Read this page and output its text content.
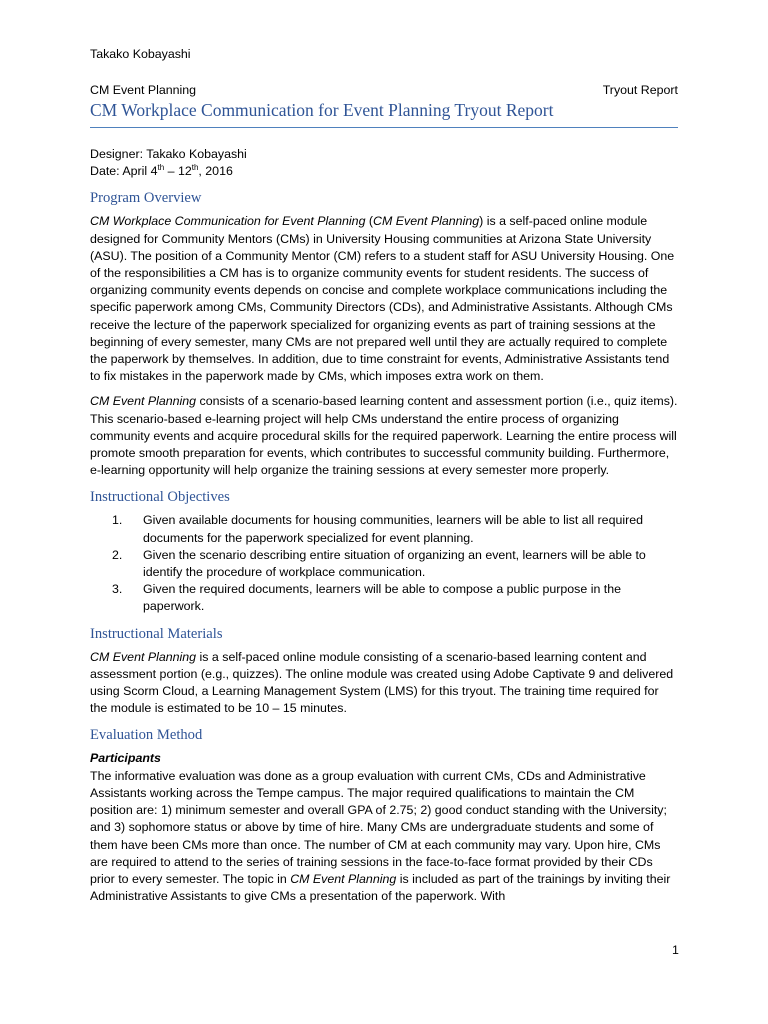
Takako Kobayashi
CM Event Planning	Tryout Report
CM Workplace Communication for Event Planning Tryout Report

Designer: Takako Kobayashi

Date: April 4th – 12th, 2016

Program Overview

CM Workplace Communication for Event Planning (CM Event Planning) is a self-paced online module designed for Community Mentors (CMs) in University Housing communities at Arizona State University (ASU). The position of a Community Mentor (CM) refers to a student staff for ASU University Housing. One of the responsibilities a CM has is to organize community events for student residents. The success of organizing community events depends on concise and complete workplace communications including the specific paperwork among CMs, Community Directors (CDs), and Administrative Assistants. Although CMs receive the lecture of the paperwork specialized for organizing events as part of training sessions at the beginning of every semester, many CMs are not prepared well until they are actually required to complete the paperwork by themselves. In addition, due to time constraint for events, Administrative Assistants tend to fix mistakes in the paperwork made by CMs, which imposes extra work on them.

CM Event Planning consists of a scenario-based learning content and assessment portion (i.e., quiz items). This scenario-based e-learning project will help CMs understand the entire process of organizing community events and acquire procedural skills for the required paperwork. Learning the entire process will promote smooth preparation for events, which contributes to successful community building. Furthermore, e-learning opportunity will help organize the training sessions at every semester more properly.

Instructional Objectives
1.	Given available documents for housing communities, learners will be able to list all required documents for the paperwork specialized for event planning.
2.	Given the scenario describing entire situation of organizing an event, learners will be able to identify the procedure of workplace communication.
3.	Given the required documents, learners will be able to compose a public purpose in the paperwork.
Instructional Materials

CM Event Planning is a self-paced online module consisting of a scenario-based learning content and assessment portion (e.g., quizzes). The online module was created using Adobe Captivate 9 and delivered using Scorm Cloud, a Learning Management System (LMS) for this tryout. The training time required for the module is estimated to be 10 – 15 minutes.

Evaluation Method

Participants

The informative evaluation was done as a group evaluation with current CMs, CDs and Administrative Assistants working across the Tempe campus. The major required qualifications to maintain the CM position are: 1) minimum semester and overall GPA of 2.75; 2) good conduct standing with the University; and 3) sophomore status or above by time of hire. Many CMs are undergraduate students and some of them have been CMs more than once. The number of CM at each community may vary. Upon hire, CMs are required to attend to the series of training sessions in the face-to-face format provided by their CDs prior to every semester. The topic in CM Event Planning is included as part of the trainings by inviting their Administrative Assistants to give CMs a presentation of the paperwork. With

1
